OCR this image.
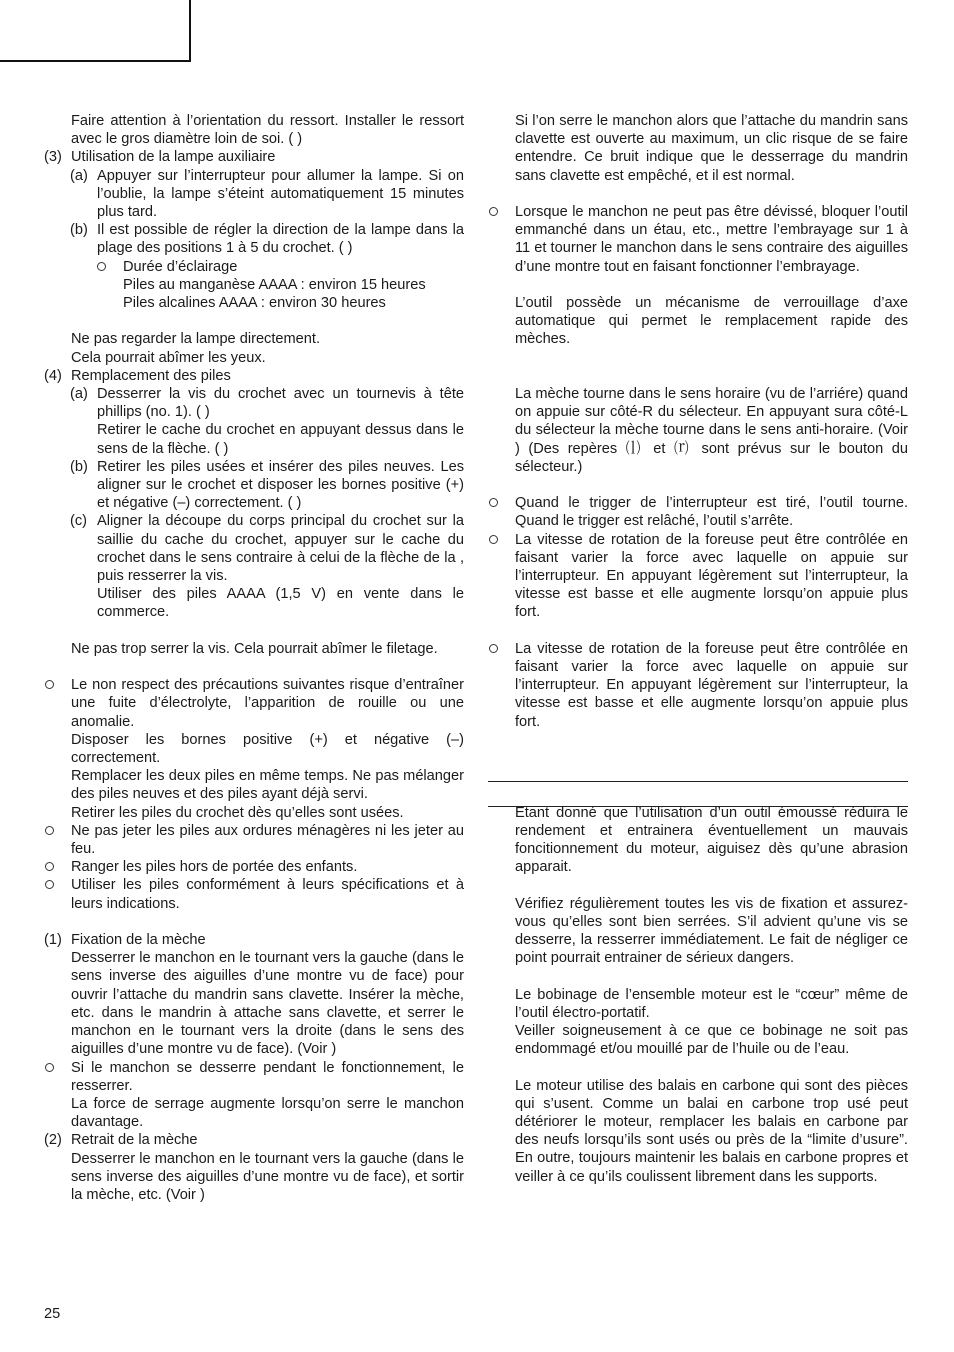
Faire attention à l’orientation du ressort. Installer le ressort avec le gros diamètre loin de soi. ( )

(3) Utilisation de la lampe auxiliaire

(a) Appuyer sur l’interrupteur pour allumer la lampe. Si on l’oublie, la lampe s’éteint automatiquement 15 minutes plus tard.

(b) Il est possible de régler la direction de la lampe dans la plage des positions 1 à 5 du crochet. ( )

Durée d’éclairage

Piles au manganèse AAAA : environ 15 heures

Piles alcalines AAAA : environ 30 heures

Ne pas regarder la lampe directement.

Cela pourrait abîmer les yeux.

(4) Remplacement des piles

(a) Desserrer la vis du crochet avec un tournevis à tête phillips (no. 1). ( )

Retirer le cache du crochet en appuyant dessus dans le sens de la flèche. ( )

(b) Retirer les piles usées et insérer des piles neuves. Les aligner sur le crochet et disposer les bornes positive (+) et négative (–) correctement. ( )

(c) Aligner la découpe du corps principal du crochet sur la saillie du cache du crochet, appuyer sur le cache du crochet dans le sens contraire à celui de la flèche de la , puis resserrer la vis.

Utiliser des piles AAAA (1,5 V) en vente dans le commerce.

Ne pas trop serrer la vis. Cela pourrait abîmer le filetage.

Le non respect des précautions suivantes risque d’entraîner une fuite d’électrolyte, l’apparition de rouille ou une anomalie.

Disposer les bornes positive (+) et négative (–) correctement.

Remplacer les deux piles en même temps. Ne pas mélanger des piles neuves et des piles ayant déjà servi.

Retirer les piles du crochet dès qu’elles sont usées.

Ne pas jeter les piles aux ordures ménagères ni les jeter au feu.

Ranger les piles hors de portée des enfants.

Utiliser les piles conformément à leurs spécifications et à leurs indications.

(1) Fixation de la mèche

Desserrer le manchon en le tournant vers la gauche (dans le sens inverse des aiguilles d’une montre vu de face) pour ouvrir l’attache du mandrin sans clavette. Insérer la mèche, etc. dans le mandrin à attache sans clavette, et serrer le manchon en le tournant vers la droite (dans le sens des aiguilles d’une montre vu de face). (Voir )

Si le manchon se desserre pendant le fonctionnement, le resserrer.

La force de serrage augmente lorsqu’on serre le manchon davantage.

(2) Retrait de la mèche

Desserrer le manchon en le tournant vers la gauche (dans le sens inverse des aiguilles d’une montre vu de face), et sortir la mèche, etc. (Voir )

Si l’on serre le manchon alors que l’attache du mandrin sans clavette est ouverte au maximum, un clic risque de se faire entendre. Ce bruit indique que le desserrage du mandrin sans clavette est empêché, et il est normal.

Lorsque le manchon ne peut pas être dévissé, bloquer l’outil emmanché dans un étau, etc., mettre l’embrayage sur 1 à 11 et tourner le manchon dans le sens contraire des aiguilles d’une montre tout en faisant fonctionner l’embrayage.

L’outil possède un mécanisme de verrouillage d’axe automatique qui permet le remplacement rapide des mèches.

La mèche tourne dans le sens horaire (vu de l’arriére) quand on appuie sur côté-R du sélecteur. En appuyant sura côté-L du sélecteur la mèche tourne dans le sens anti-horaire. (Voir ) (Des repères ⒧ et ⒭ sont prévus sur le bouton du sélecteur.)

Quand le trigger de l’interrupteur est tiré, l’outil tourne. Quand le trigger est relâché, l’outil s’arrête.

La vitesse de rotation de la foreuse peut être contrôlée en faisant varier la force avec laquelle on appuie sur l’interrupteur. En appuyant légèrement sut l’interrupteur, la vitesse est basse et elle augmente lorsqu’on appuie plus fort.

La vitesse de rotation de la foreuse peut être contrôlée en faisant varier la force avec laquelle on appuie sur l’interrupteur. En appuyant légèrement sur l’interrupteur, la vitesse est basse et elle augmente lorsqu’on appuie plus fort.

Etant donné que l’utilisation d’un outil émoussé réduira le rendement et entrainera éventuellement un mauvais foncitionnement du moteur, aiguisez dès qu’une abrasion apparait.

Vérifiez régulièrement toutes les vis de fixation et assurez-vous qu’elles sont bien serrées. S’il advient qu’une vis se desserre, la resserrer immédiatement. Le fait de négliger ce point pourrait entrainer de sérieux dangers.

Le bobinage de l’ensemble moteur est le “cœur” même de l’outil électro-portatif.

Veiller soigneusement à ce que ce bobinage ne soit pas endommagé et/ou mouillé par de l’huile ou de l’eau.

Le moteur utilise des balais en carbone qui sont des pièces qui s’usent. Comme un balai en carbone trop usé peut détériorer le moteur, remplacer les balais en carbone par des neufs lorsqu’ils sont usés ou près de la “limite d’usure”. En outre, toujours maintenir les balais en carbone propres et veiller à ce qu’ils coulissent librement dans les supports.

25
